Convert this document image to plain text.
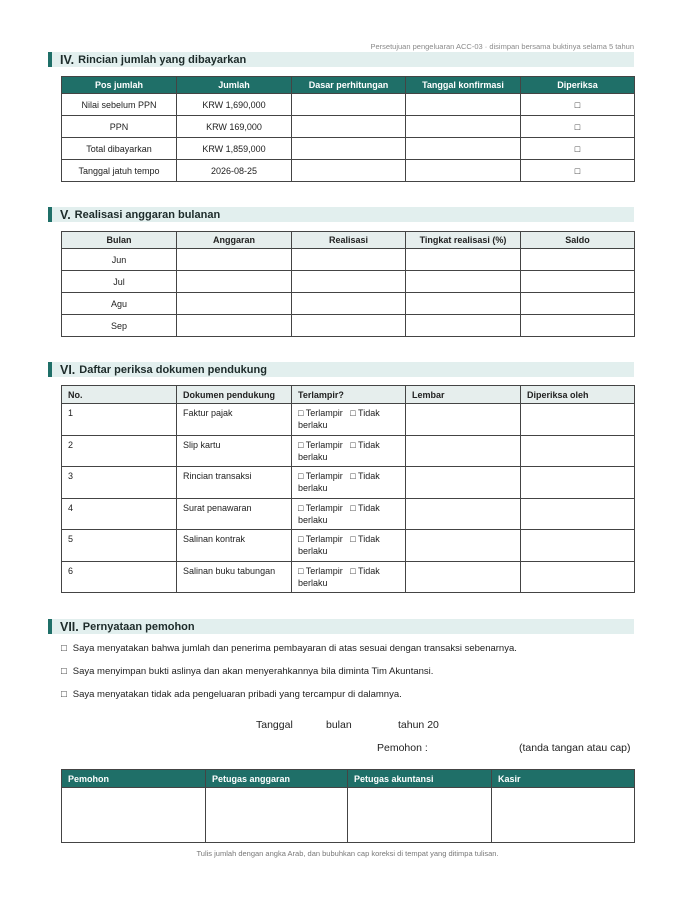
Persetujuan pengeluaran ACC-03 · disimpan bersama buktinya selama 5 tahun
IV. Rincian jumlah yang dibayarkan
Pos jumlah	Jumlah	Dasar perhitungan	Tanggal konfirmasi	Diperiksa
Nilai sebelum PPN	KRW 1,690,000			□
PPN	KRW 169,000			□
Total dibayarkan	KRW 1,859,000			□
Tanggal jatuh tempo	2026-08-25			□
V. Realisasi anggaran bulanan
Bulan	Anggaran	Realisasi	Tingkat realisasi (%)	Saldo
Jun				
Jul				
Agu				
Sep				
VI. Daftar periksa dokumen pendukung
No.	Dokumen pendukung	Terlampir?	Lembar	Diperiksa oleh
1	Faktur pajak	□ Terlampir   □ Tidak berlaku		
2	Slip kartu	□ Terlampir   □ Tidak berlaku		
3	Rincian transaksi	□ Terlampir   □ Tidak berlaku		
4	Surat penawaran	□ Terlampir   □ Tidak berlaku		
5	Salinan kontrak	□ Terlampir   □ Tidak berlaku		
6	Salinan buku tabungan	□ Terlampir   □ Tidak berlaku		
VII. Pernyataan pemohon
□ Saya menyatakan bahwa jumlah dan penerima pembayaran di atas sesuai dengan transaksi sebenarnya.
□ Saya menyimpan bukti aslinya dan akan menyerahkannya bila diminta Tim Akuntansi.
□ Saya menyatakan tidak ada pengeluaran pribadi yang tercampur di dalamnya.
Tanggal	bulan	tahun 20
Pemohon :	(tanda tangan atau cap)
Pemohon	Petugas anggaran	Petugas akuntansi	Kasir

Tulis jumlah dengan angka Arab, dan bubuhkan cap koreksi di tempat yang ditimpa tulisan.
